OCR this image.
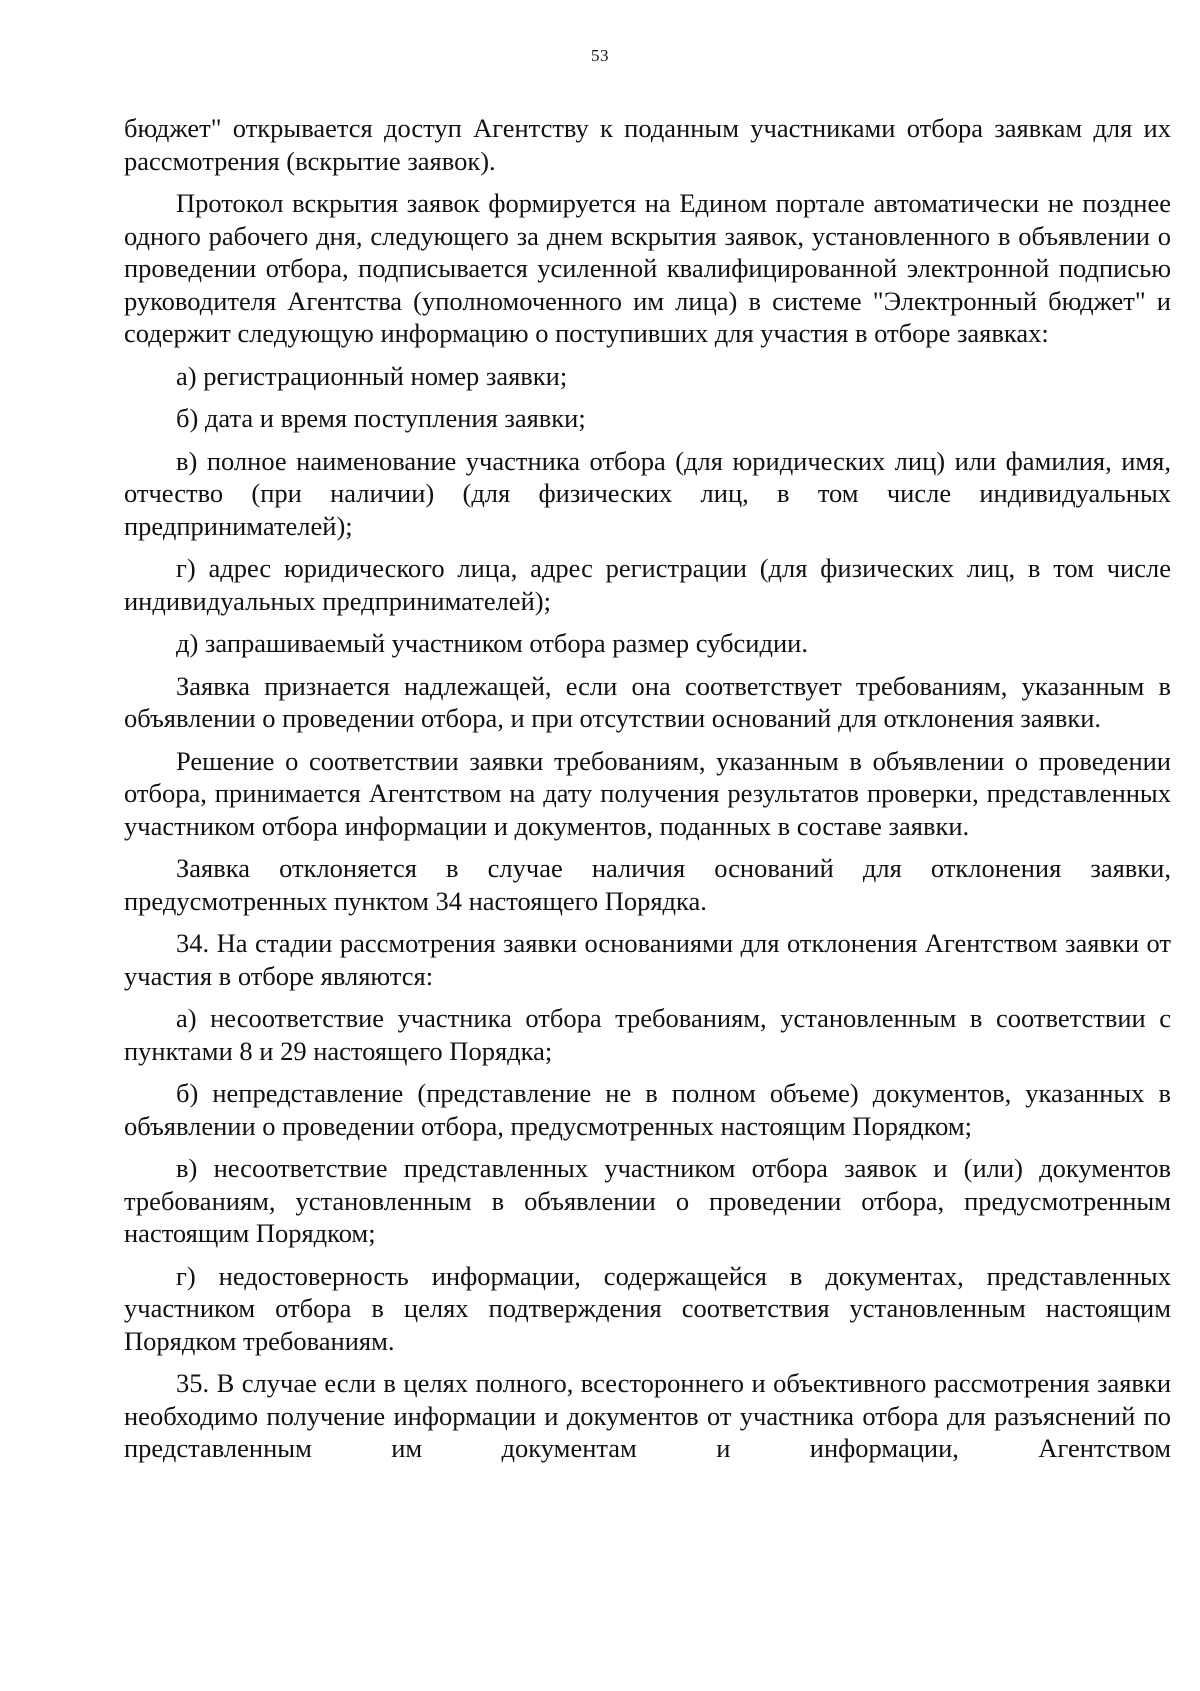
53

бюджет" открывается доступ Агентству к поданным участниками отбора заявкам для их рассмотрения (вскрытие заявок).

Протокол вскрытия заявок формируется на Едином портале автоматически не позднее одного рабочего дня, следующего за днем вскрытия заявок, установленного в объявлении о проведении отбора, подписывается усиленной квалифицированной электронной подписью руководителя Агентства (уполномоченного им лица) в системе "Электронный бюджет" и содержит следующую информацию о поступивших для участия в отборе заявках:

а) регистрационный номер заявки;

б) дата и время поступления заявки;

в) полное наименование участника отбора (для юридических лиц) или фамилия, имя, отчество (при наличии) (для физических лиц, в том числе индивидуальных предпринимателей);

г) адрес юридического лица, адрес регистрации (для физических лиц, в том числе индивидуальных предпринимателей);

д) запрашиваемый участником отбора размер субсидии.

Заявка признается надлежащей, если она соответствует требованиям, указанным в объявлении о проведении отбора, и при отсутствии оснований для отклонения заявки.

Решение о соответствии заявки требованиям, указанным в объявлении о проведении отбора, принимается Агентством на дату получения результатов проверки, представленных участником отбора информации и документов, поданных в составе заявки.

Заявка отклоняется в случае наличия оснований для отклонения заявки, предусмотренных пунктом 34 настоящего Порядка.

34. На стадии рассмотрения заявки основаниями для отклонения Агентством заявки от участия в отборе являются:

а) несоответствие участника отбора требованиям, установленным в соответствии с пунктами 8 и 29 настоящего Порядка;

б) непредставление (представление не в полном объеме) документов, указанных в объявлении о проведении отбора, предусмотренных настоящим Порядком;

в) несоответствие представленных участником отбора заявок и (или) документов требованиям, установленным в объявлении о проведении отбора, предусмотренным настоящим Порядком;

г) недостоверность информации, содержащейся в документах, представленных участником отбора в целях подтверждения соответствия установленным настоящим Порядком требованиям.

35. В случае если в целях полного, всестороннего и объективного рассмотрения заявки необходимо получение информации и документов от участника отбора для разъяснений по представленным им документам и информации, Агентством
